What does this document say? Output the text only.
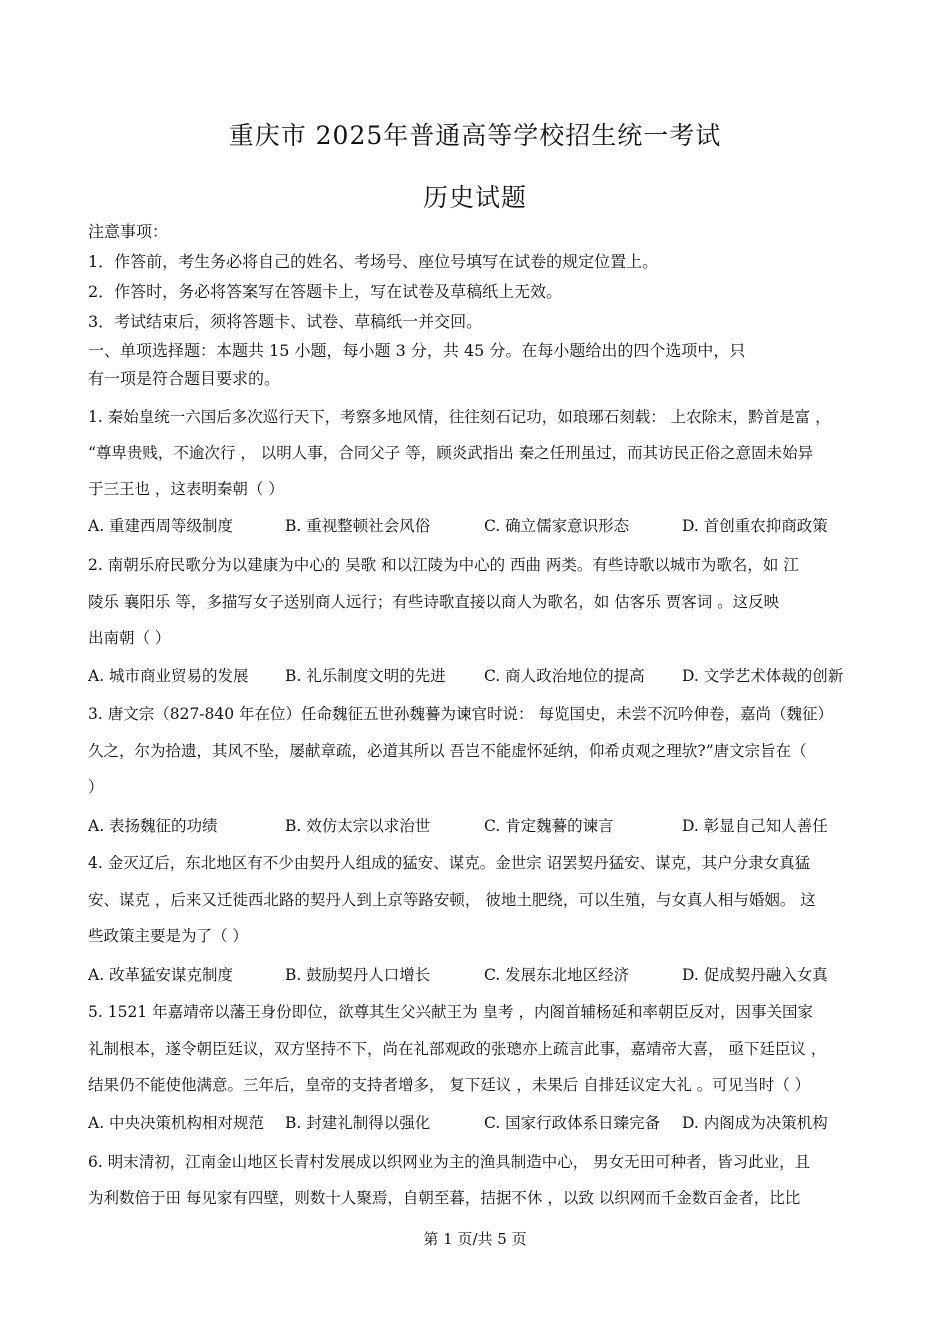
重庆市 2025年普通高等学校招生统一考试
历史试题
注意事项：
1．作答前，考生务必将自己的姓名、考场号、座位号填写在试卷的规定位置上。
2．作答时，务必将答案写在答题卡上，写在试卷及草稿纸上无效。
3．考试结束后，须将答题卡、试卷、草稿纸一并交回。
一、单项选择题：本题共 15 小题，每小题 3 分，共 45 分。在每小题给出的四个选项中，只
有一项是符合题目要求的。
1. 秦始皇统一六国后多次巡行天下，考察多地风情，往往刻石记功，如琅琊石刻载： 上农除末，黔首是富 ，
“尊卑贵贱，不逾次行 ， 以明人事，合同父子 等，顾炎武指出 秦之任刑虽过，而其访民正俗之意固未始异
于三王也 ，这表明秦朝（ ）
A. 重建西周等级制度	B. 重视整顿社会风俗	C. 确立儒家意识形态	D. 首创重农抑商政策
2. 南朝乐府民歌分为以建康为中心的 吴歌 和以江陵为中心的 西曲 两类。有些诗歌以城市为歌名，如 江
陵乐 襄阳乐 等，多描写女子送别商人远行；有些诗歌直接以商人为歌名，如 估客乐 贾客词 。这反映
出南朝（ ）
A. 城市商业贸易的发展 B. 礼乐制度文明的先进 C. 商人政治地位的提高 D. 文学艺术体裁的创新
3. 唐文宗（827-840 年在位）任命魏征五世孙魏謩为谏官时说： 每览国史，未尝不沉吟伸卷，嘉尚（魏征）
久之，尔为拾遗，其风不坠，屡献章疏，必道其所以 吾岂不能虚怀延纳，仰希贞观之理欤?”唐文宗旨在（
）
A. 表扬魏征的功绩	B. 效仿太宗以求治世	C. 肯定魏謩的谏言	D. 彰显自己知人善任
4. 金灭辽后，东北地区有不少由契丹人组成的猛安、谋克。金世宗 诏罢契丹猛安、谋克，其户分隶女真猛
安、谋克 ，后来又迁徙西北路的契丹人到上京等路安顿， 彼地土肥绕，可以生殖，与女真人相与婚姻。 这
些政策主要是为了（ ）
A. 改革猛安谋克制度	B. 鼓励契丹人口增长	C. 发展东北地区经济	D. 促成契丹融入女真
5. 1521 年嘉靖帝以藩王身份即位，欲尊其生父兴献王为 皇考 ，内阁首辅杨延和率朝臣反对，因事关国家
礼制根本，遂令朝臣廷议，双方坚持不下，尚在礼部观政的张璁亦上疏言此事，嘉靖帝大喜， 亟下廷臣议 ，
结果仍不能使他满意。三年后，皇帝的支持者增多， 复下廷议 ，未果后 自排廷议定大礼 。可见当时（ ）
A. 中央决策机构相对规范 B. 封建礼制得以强化	C. 国家行政体系日臻完备 D. 内阁成为决策机构
6. 明末清初，江南金山地区长青村发展成以织网业为主的渔具制造中心， 男女无田可种者，皆习此业，且
为利数倍于田 每见家有四壁，则数十人聚焉，自朝至暮，拮据不休 ，以致 以织网而千金数百金者，比比
第 1 页/共 5 页
